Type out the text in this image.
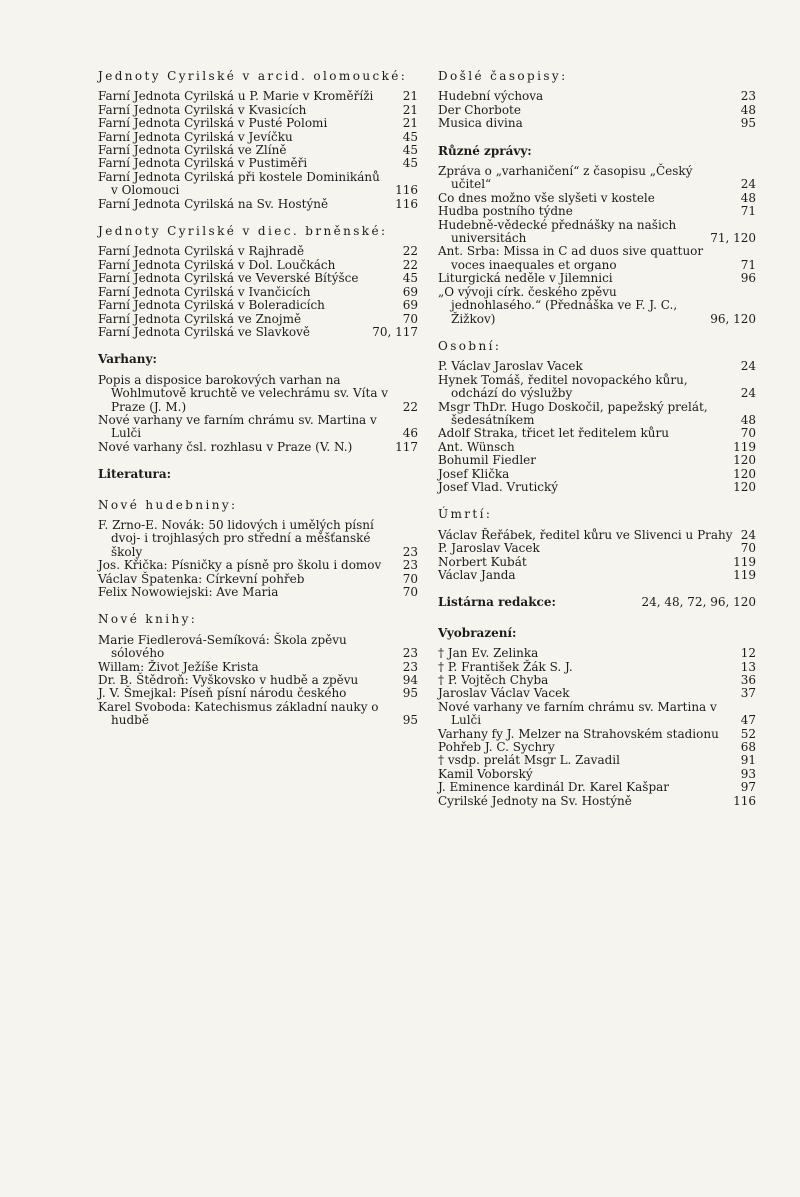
Jednoty Cyrilské v arcid. olomoucké:
Farní Jednota Cyrilská u P. Marie v Kroměříži	21
Farní Jednota Cyrilská v Kvasicích	21
Farní Jednota Cyrilská v Pusté Polomi	21
Farní Jednota Cyrilská v Jevíčku	45
Farní Jednota Cyrilská ve Zlíně	45
Farní Jednota Cyrilská v Pustiměři	45
Farní Jednota Cyrilská při kostele Dominikánů v Olomouci	116
Farní Jednota Cyrilská na Sv. Hostýně	116
Jednoty Cyrilské v diec. brněnské:
Farní Jednota Cyrilská v Rajhradě	22
Farní Jednota Cyrilská v Dol. Loučkách	22
Farní Jednota Cyrilská ve Veverské Bítýšce	45
Farní Jednota Cyrilská v Ivančicích	69
Farní Jednota Cyrilská v Boleradicích	69
Farní Jednota Cyrilská ve Znojmě	70
Farní Jednota Cyrilská ve Slavkově	70, 117
Varhany:
Popis a disposice barokových varhan na Wohlmutově kruchtě ve velechrámu sv. Víta v Praze (J. M.)	22
Nové varhany ve farním chrámu sv. Martina v Lulči	46
Nové varhany čsl. rozhlasu v Praze (V. N.)	117
Literatura:
Nové hudebniny:
F. Zrno-E. Novák: 50 lidových i umělých písní dvoj- i trojhlasých pro střední a měšťanské školy	23
Jos. Křička: Písničky a písně pro školu i domov	23
Václav Špatenka: Církevní pohřeb	70
Felix Nowowiejski: Ave Maria	70
Nové knihy:
Marie Fiedlerová-Semíková: Škola zpěvu sólového	23
Willam: Život Ježíše Krista	23
Dr. B. Štědroň: Vyškovsko v hudbě a zpěvu	94
J. V. Šmejkal: Píseň písní národu českého	95
Karel Svoboda: Katechismus základní nauky o hudbě	95
Došlé časopisy:
Hudební výchova	23
Der Chorbote	48
Musica divina	95
Různé zprávy:
Zpráva o „varhaničení“ z časopisu „Český učitel“	24
Co dnes možno vše slyšeti v kostele	48
Hudba postního týdne	71
Hudebně-vědecké přednášky na našich universitách	71, 120
Ant. Srba: Missa in C ad duos sive quattuor voces inaequales et organo	71
Liturgická neděle v Jilemnici	96
„O vývoji círk. českého zpěvu jednohlasého.“ (Přednáška ve F. J. C., Žižkov)	96, 120
Osobní:
P. Václav Jaroslav Vacek	24
Hynek Tomáš, ředitel novopackého kůru, odchází do výslužby	24
Msgr ThDr. Hugo Doskočil, papežský prelát, šedesátníkem	48
Adolf Straka, třicet let ředitelem kůru	70
Ant. Wünsch	119
Bohumil Fiedler	120
Josef Klička	120
Josef Vlad. Vrutický	120
Úmrtí:
Václav Řeřábek, ředitel kůru ve Slivenci u Prahy 24
P. Jaroslav Vacek	70
Norbert Kubát	119
Václav Janda	119
Listárna redakce:	24, 48, 72, 96, 120
Vyobrazení:
† Jan Ev. Zelinka	12
† P. František Žák S. J.	13
† P. Vojtěch Chyba	36
Jaroslav Václav Vacek	37
Nové varhany ve farním chrámu sv. Martina v Lulči	47
Varhany fy J. Melzer na Strahovském stadionu	52
Pohřeb J. C. Sychry	68
† vsdp. prelát Msgr L. Zavadil	91
Kamil Voborský	93
J. Eminence kardinál Dr. Karel Kašpar	97
Cyrilské Jednoty na Sv. Hostýně	116
